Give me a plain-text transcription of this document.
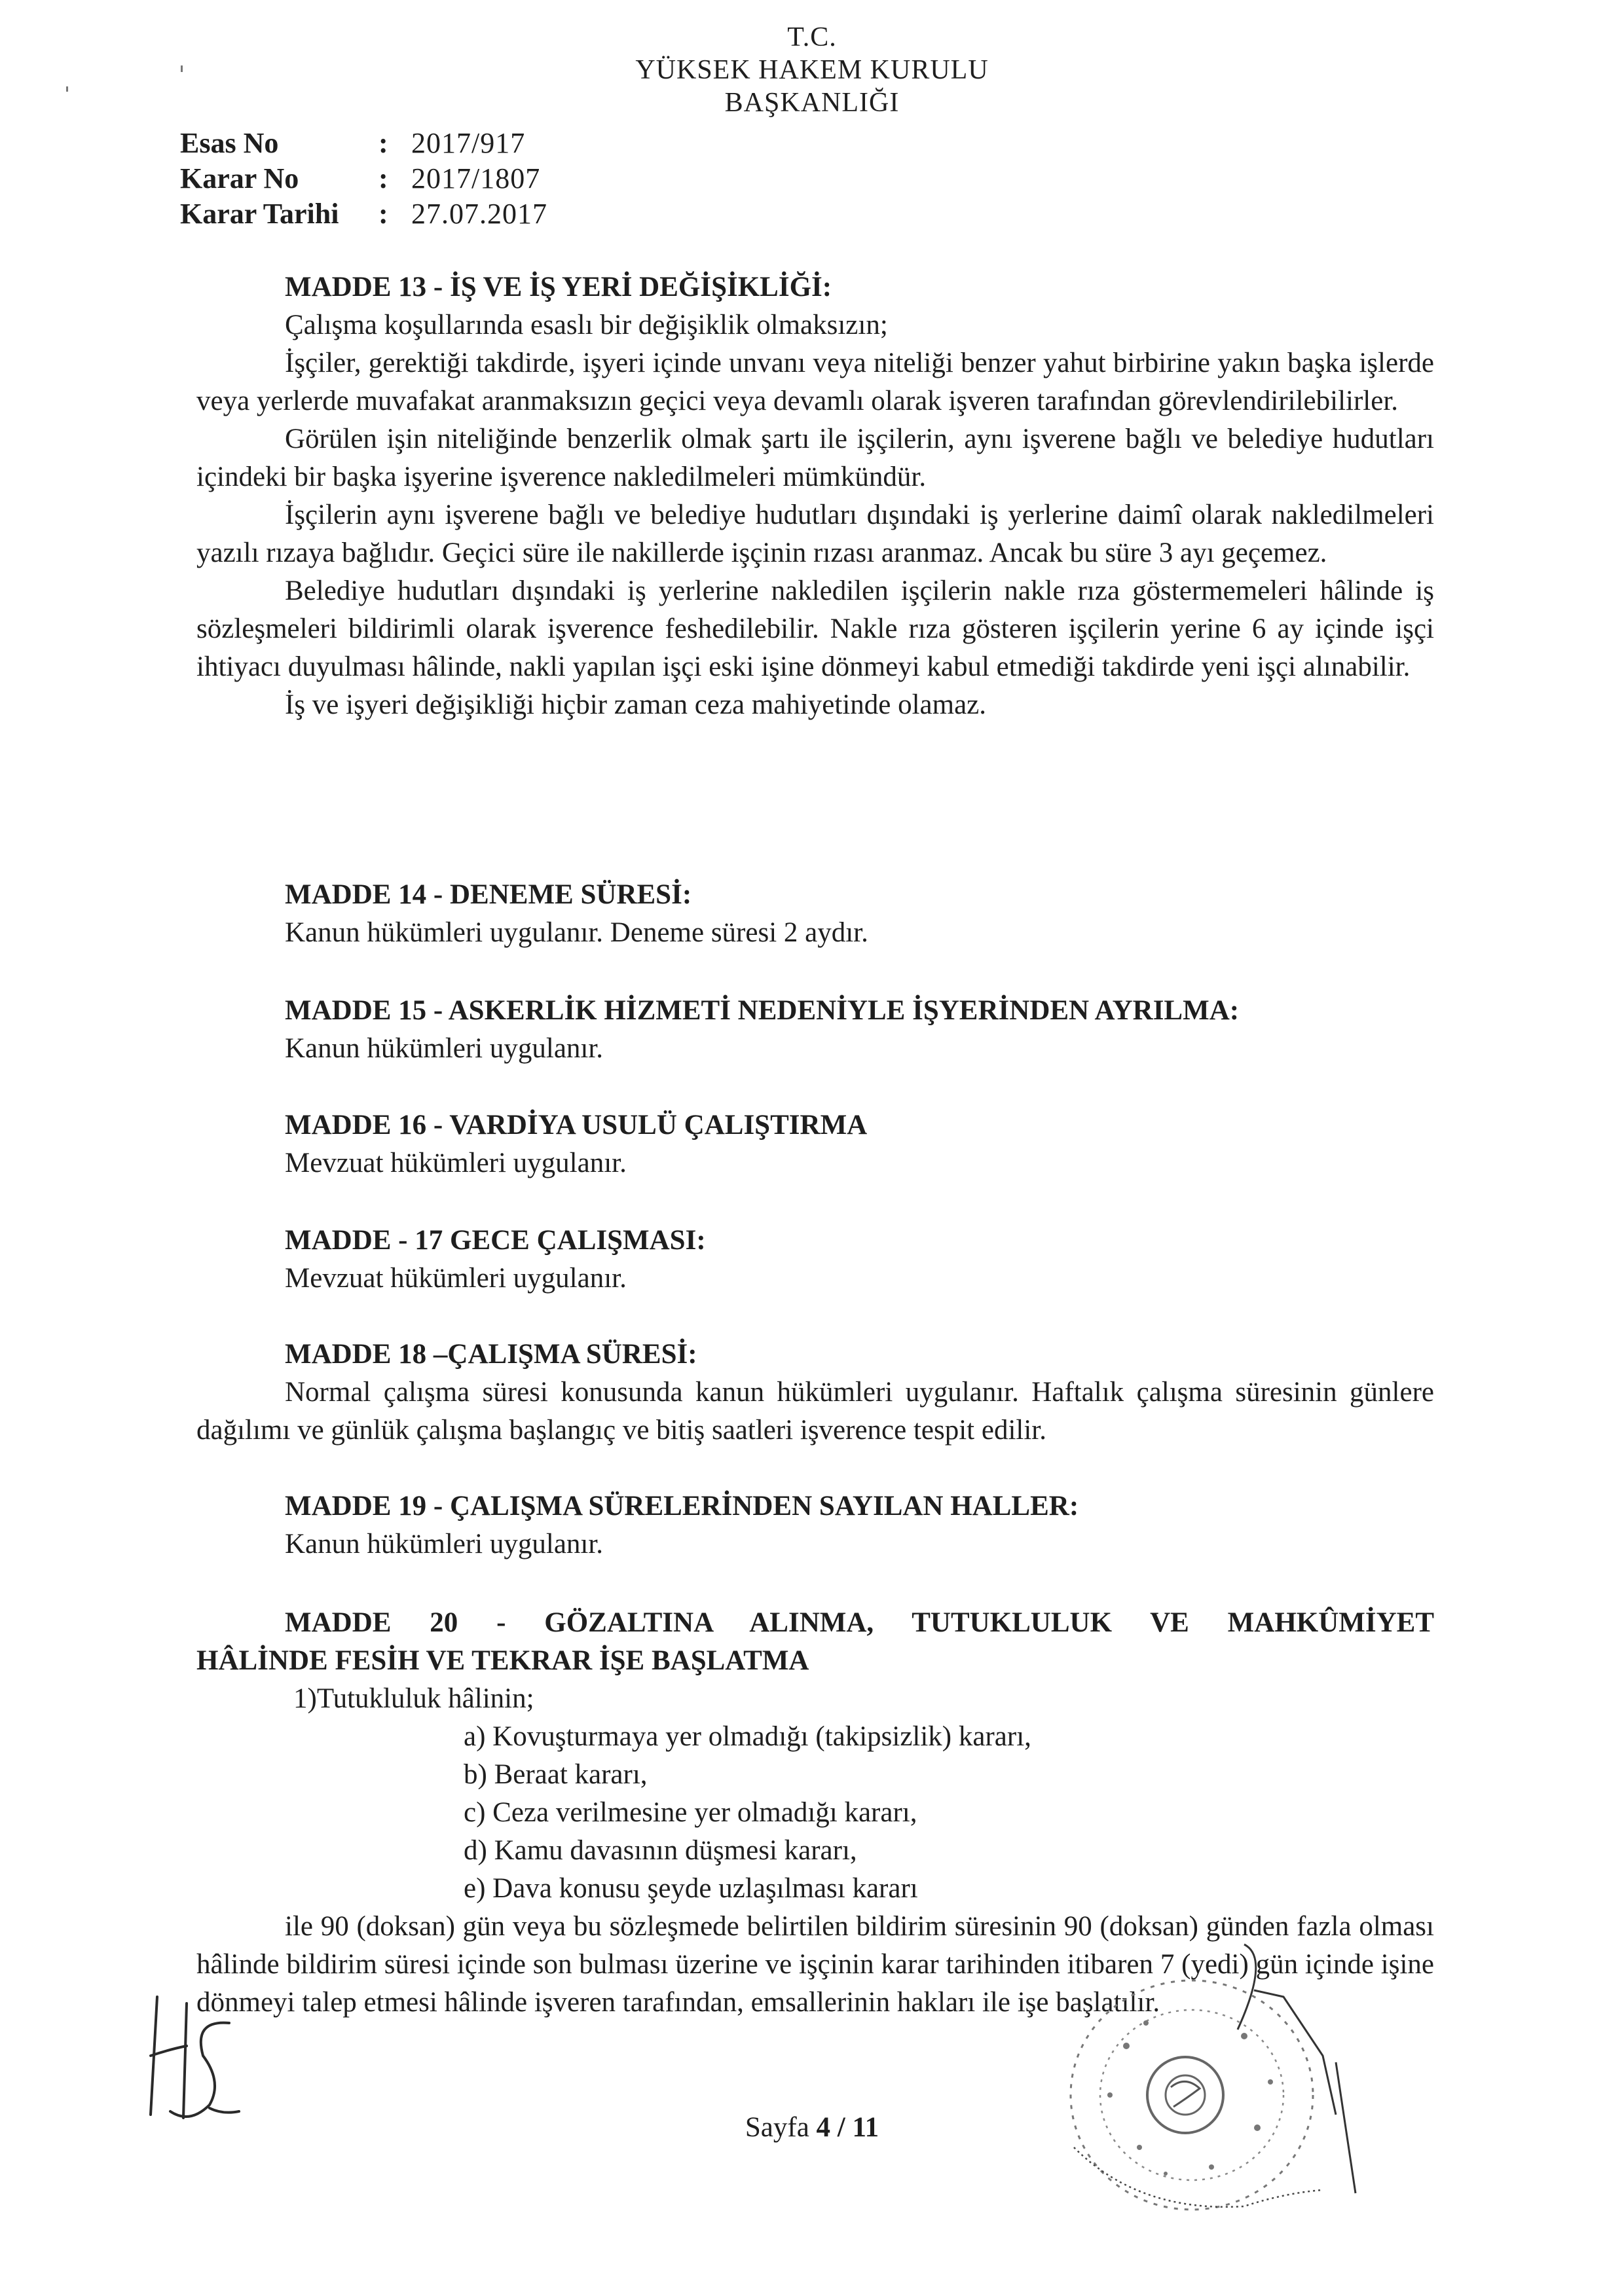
T.C.
YÜKSEK HAKEM KURULU
BAŞKANLIĞI
Esas No	: 2017/917
Karar No	: 2017/1807
Karar Tarihi	: 27.07.2017
MADDE 13 - İŞ VE İŞ YERİ DEĞİŞİKLİĞİ:
Çalışma koşullarında esaslı bir değişiklik olmaksızın;
İşçiler, gerektiği takdirde, işyeri içinde unvanı veya niteliği benzer yahut birbirine yakın başka işlerde veya yerlerde muvafakat aranmaksızın geçici veya devamlı olarak işveren tarafından görevlendirilebilirler.
Görülen işin niteliğinde benzerlik olmak şartı ile işçilerin, aynı işverene bağlı ve belediye hudutları içindeki bir başka işyerine işverence nakledilmeleri mümkündür.
İşçilerin aynı işverene bağlı ve belediye hudutları dışındaki iş yerlerine daimî olarak nakledilmeleri yazılı rızaya bağlıdır. Geçici süre ile nakillerde işçinin rızası aranmaz. Ancak bu süre 3 ayı geçemez.
Belediye hudutları dışındaki iş yerlerine nakledilen işçilerin nakle rıza göstermemeleri hâlinde iş sözleşmeleri bildirimli olarak işverence feshedilebilir. Nakle rıza gösteren işçilerin yerine 6 ay içinde işçi ihtiyacı duyulması hâlinde, nakli yapılan işçi eski işine dönmeyi kabul etmediği takdirde yeni işçi alınabilir.
İş ve işyeri değişikliği hiçbir zaman ceza mahiyetinde olamaz.
MADDE 14 - DENEME SÜRESİ:
Kanun hükümleri uygulanır. Deneme süresi 2 aydır.
MADDE 15 - ASKERLİK HİZMETİ NEDENİYLE İŞYERİNDEN AYRILMA:
Kanun hükümleri uygulanır.
MADDE 16 - VARDİYA USULÜ ÇALIŞTIRMA
Mevzuat hükümleri uygulanır.
MADDE - 17 GECE ÇALIŞMASI:
Mevzuat hükümleri uygulanır.
MADDE 18 –ÇALIŞMA SÜRESİ:
Normal çalışma süresi konusunda kanun hükümleri uygulanır. Haftalık çalışma süresinin günlere dağılımı ve günlük çalışma başlangıç ve bitiş saatleri işverence tespit edilir.
MADDE 19 - ÇALIŞMA SÜRELERİNDEN SAYILAN HALLER:
Kanun hükümleri uygulanır.
MADDE 20 - GÖZALTINA ALINMA, TUTUKLULUK VE MAHKÛMİYET
HÂLİNDE FESİH VE TEKRAR İŞE BAŞLATMA
1)Tutukluluk hâlinin;
a) Kovuşturmaya yer olmadığı (takipsizlik) kararı,
b) Beraat kararı,
c) Ceza verilmesine yer olmadığı kararı,
d) Kamu davasının düşmesi kararı,
e) Dava konusu şeyde uzlaşılması kararı
ile 90 (doksan) gün veya bu sözleşmede belirtilen bildirim süresinin 90 (doksan) günden fazla olması hâlinde bildirim süresi içinde son bulması üzerine ve işçinin karar tarihinden itibaren 7 (yedi) gün içinde işine dönmeyi talep etmesi hâlinde işveren tarafından, emsallerinin hakları ile işe başlatılır.
Sayfa 4 / 11
